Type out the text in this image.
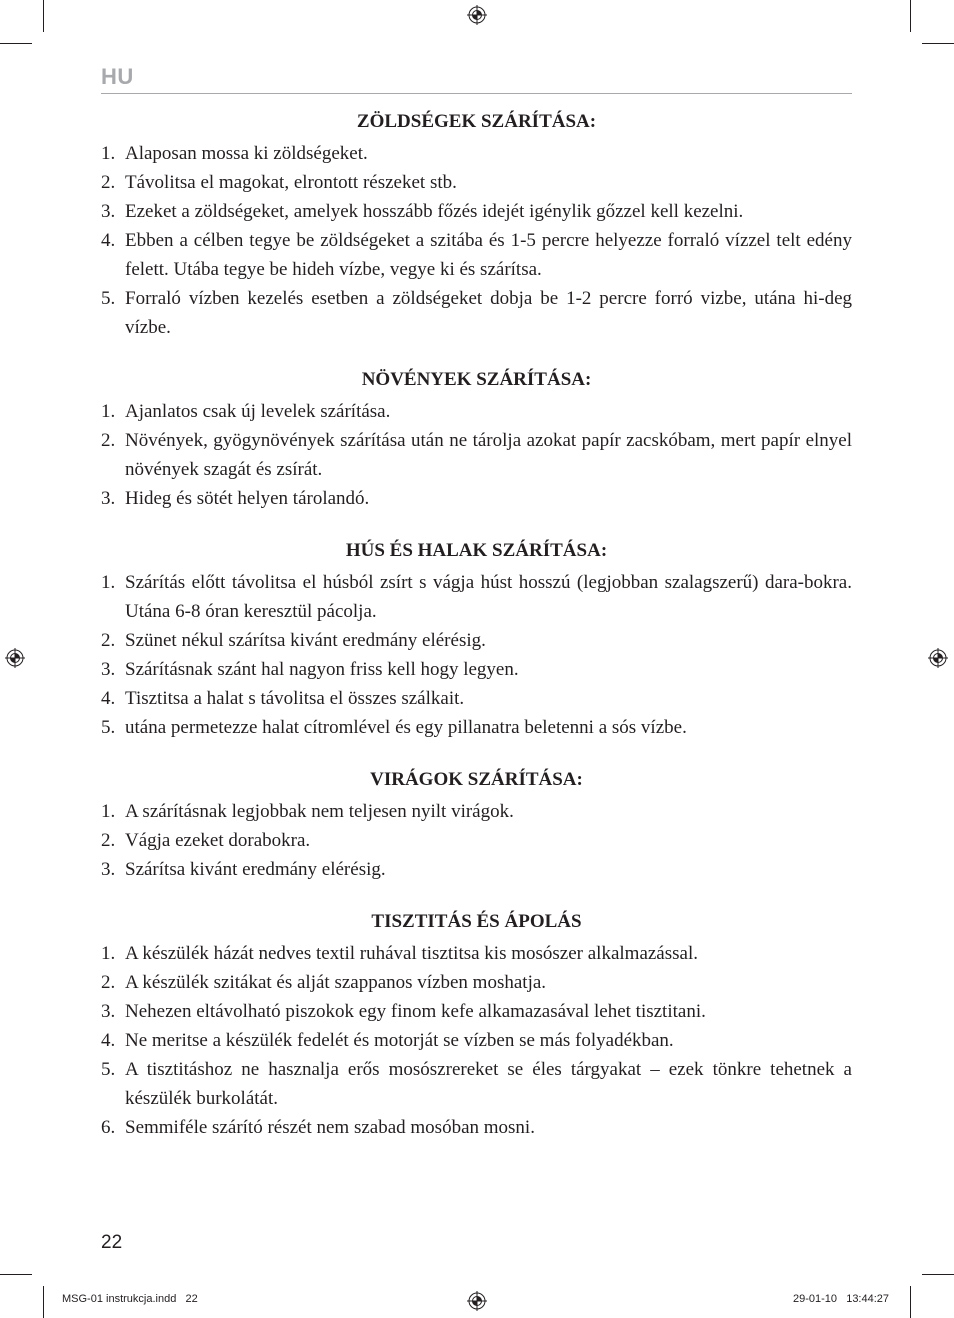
HU
ZÖLDSÉGEK SZÁRÍTÁSA:
1. Alaposan mossa ki zöldségeket.
2. Távolitsa el magokat, elrontott részeket stb.
3. Ezeket a zöldségeket, amelyek hosszább főzés idejét igénylik gőzzel kell kezelni.
4. Ebben a célben tegye be zöldségeket a szitába és 1-5 percre helyezze forraló vízzel telt edény felett. Utába tegye be hideh vízbe, vegye ki és szárítsa.
5. Forraló vízben kezelés esetben a zöldségeket dobja be 1-2 percre forró vizbe, utána hi-deg vízbe.
NÖVÉNYEK SZÁRÍTÁSA:
1. Ajanlatos csak új levelek szárítása.
2. Növények, gyögynövények szárítása után ne tárolja azokat papír zacskóbam, mert papír elnyel növények szagát és zsírát.
3. Hideg és sötét helyen tárolandó.
HÚS ÉS HALAK SZÁRÍTÁSA:
1. Szárítás előtt távolitsa el húsból zsírt s vágja húst hosszú (legjobban szalagszerű) dara-bokra. Utána 6-8 óran keresztül pácolja.
2. Szünet nékul szárítsa kivánt eredmány elérésig.
3. Szárításnak szánt hal nagyon friss kell hogy legyen.
4. Tisztitsa a halat s távolitsa el összes szálkait.
5. utána permetezze halat cítromlével és egy pillanatra beletenni a sós vízbe.
VIRÁGOK SZÁRÍTÁSA:
1. A szárításnak legjobbak nem teljesen nyilt virágok.
2. Vágja ezeket dorabokra.
3. Szárítsa kivánt eredmány elérésig.
TISZTITÁS ÉS ÁPOLÁS
1. A készülék házát nedves textil ruhával tisztitsa kis mosószer alkalmazással.
2. A készülék szitákat és alját szappanos vízben moshatja.
3. Nehezen eltávolható piszokok egy finom kefe alkamazasával lehet tisztitani.
4. Ne meritse a készülék fedelét és motorját se vízben se más folyadékban.
5. A tisztitáshoz ne hasznalja erős mosószrereket se éles tárgyakat – ezek tönkre tehetnek a készülék burkolátát.
6. Semmiféle szárító részét nem szabad mosóban mosni.
22
MSG-01 instrukcja.indd   22	29-01-10   13:44:27
